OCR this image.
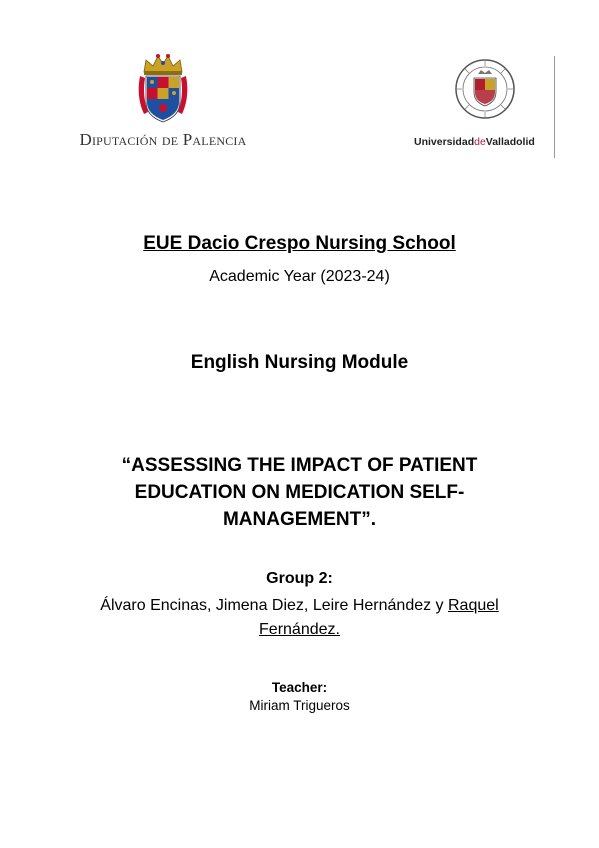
Diputación de Palencia	UniversidaddeValladolid
EUE Dacio Crespo Nursing School
Academic Year (2023-24)
English Nursing Module
“ASSESSING THE IMPACT OF PATIENT
EDUCATION ON MEDICATION SELF-
MANAGEMENT”.
Group 2:
Álvaro Encinas, Jimena Diez, Leire Hernández y Raquel
Fernández.
Teacher:
Miriam Trigueros
